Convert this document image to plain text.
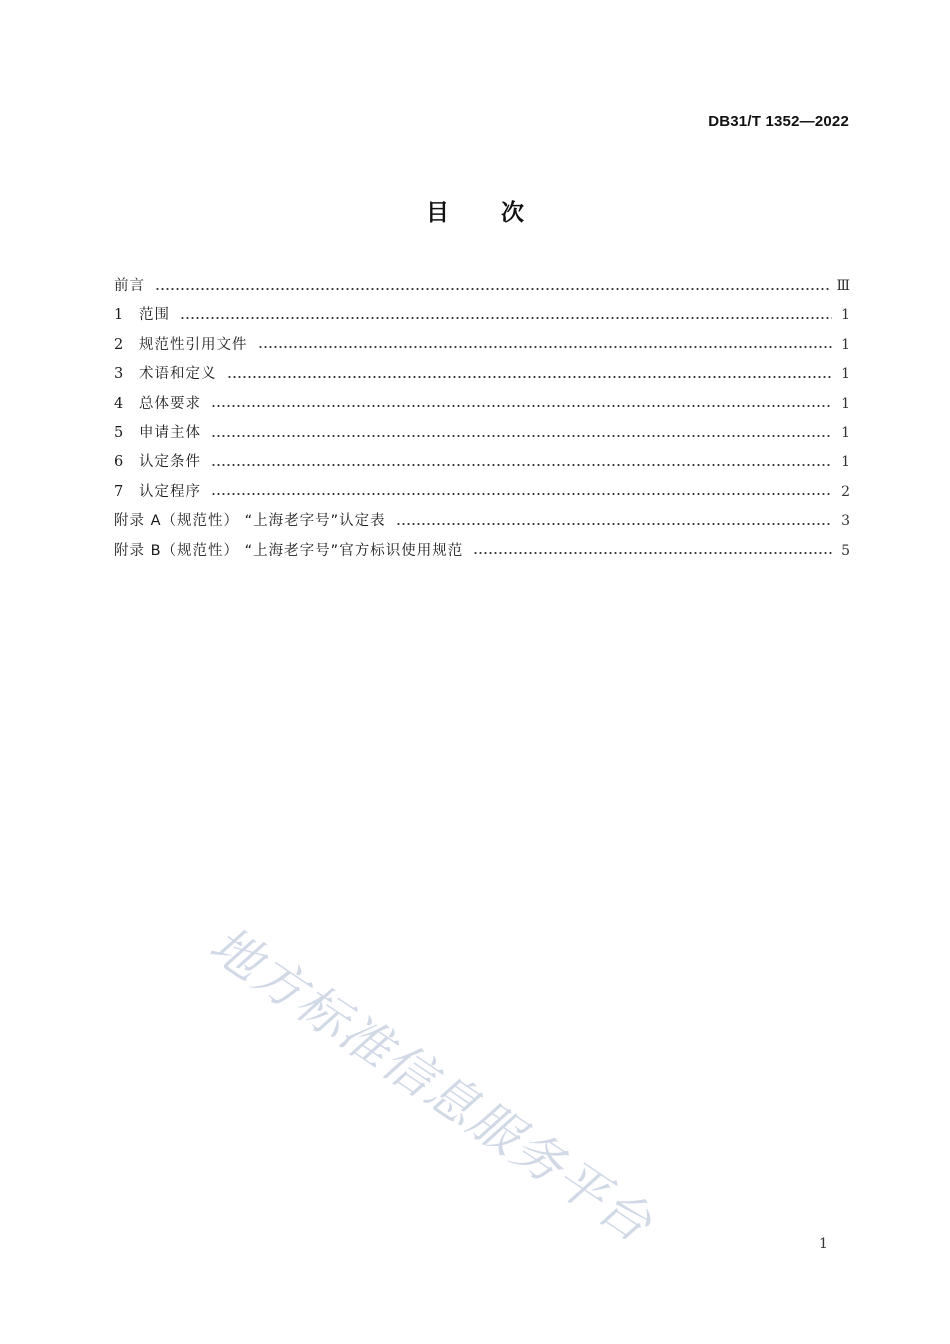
DB31/T 1352—2022
目 次
前言	Ⅲ
1	范围	1
2	规范性引用文件	1
3	术语和定义	1
4	总体要求	1
5	申请主体	1
6	认定条件	1
7	认定程序	2
附录 A（规范性） “上海老字号”认定表	3
附录 B（规范性） “上海老字号”官方标识使用规范	5
地方标准信息服务平台	1
